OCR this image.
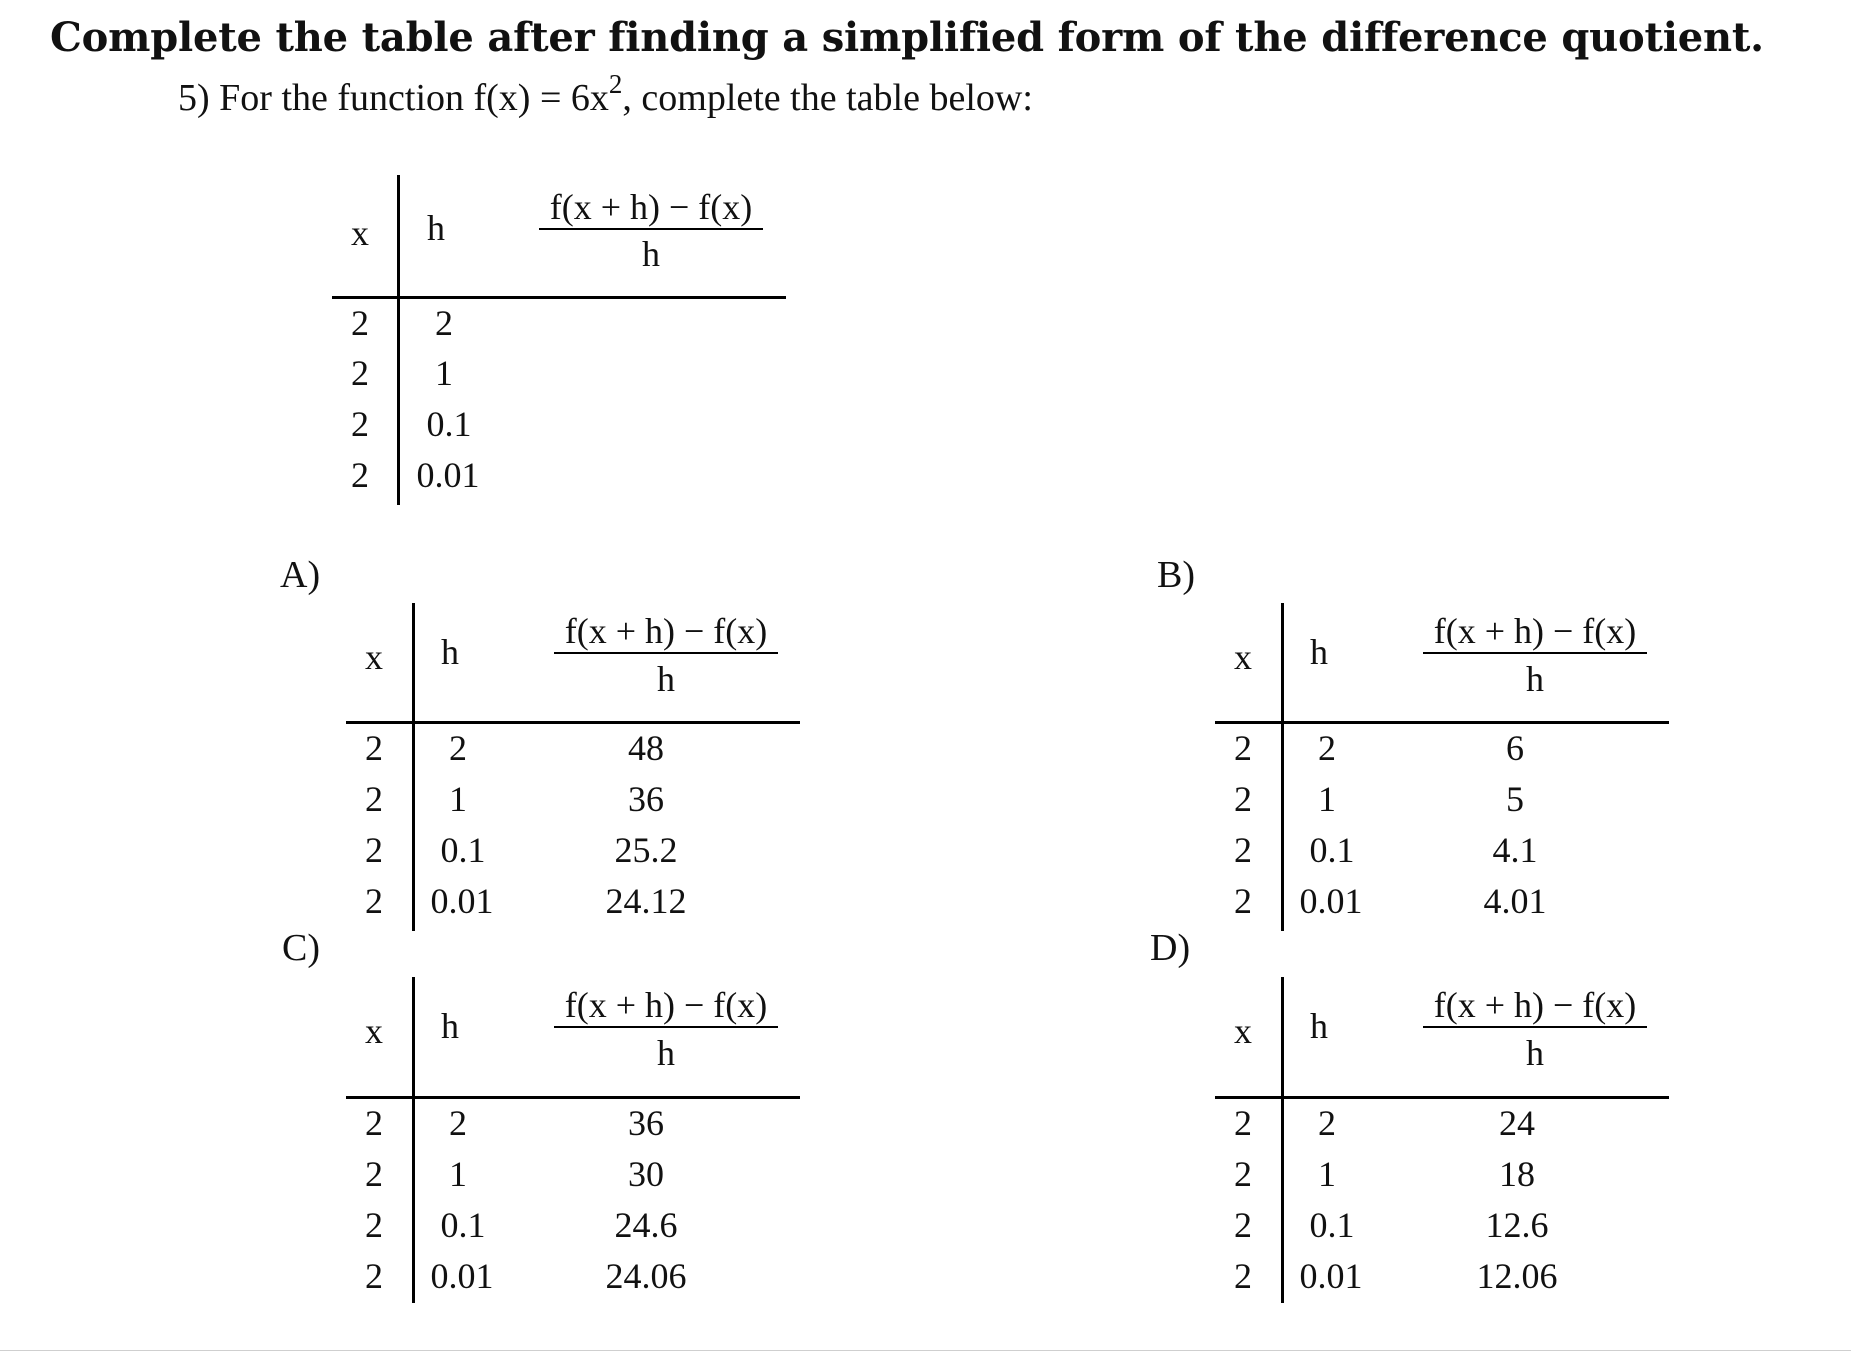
Complete the table after finding a simplified form of the difference quotient.
5) For the function $f(x) = 6x^2$, complete the table below:
x h
f(x + h) − f(x)
h
2 2
2 1
2 0.1
2 0.01
A)	B)
C)	D)
x h
f(x + h) − f(x)
h
2 2	48
2 1	36
2 0.1	25.2
2 0.01	24.12
x h
f(x + h) − f(x)
h
2 2	6
2 1	5
2 0.1	4.1
2 0.01	4.01
x h
f(x + h) − f(x)
h
2 2	36
2 1	30
2 0.1	24.6
2 0.01	24.06
x h
f(x + h) − f(x)
h
2 2	24
2 1	18
2 0.1	12.6
2 0.01	12.06
